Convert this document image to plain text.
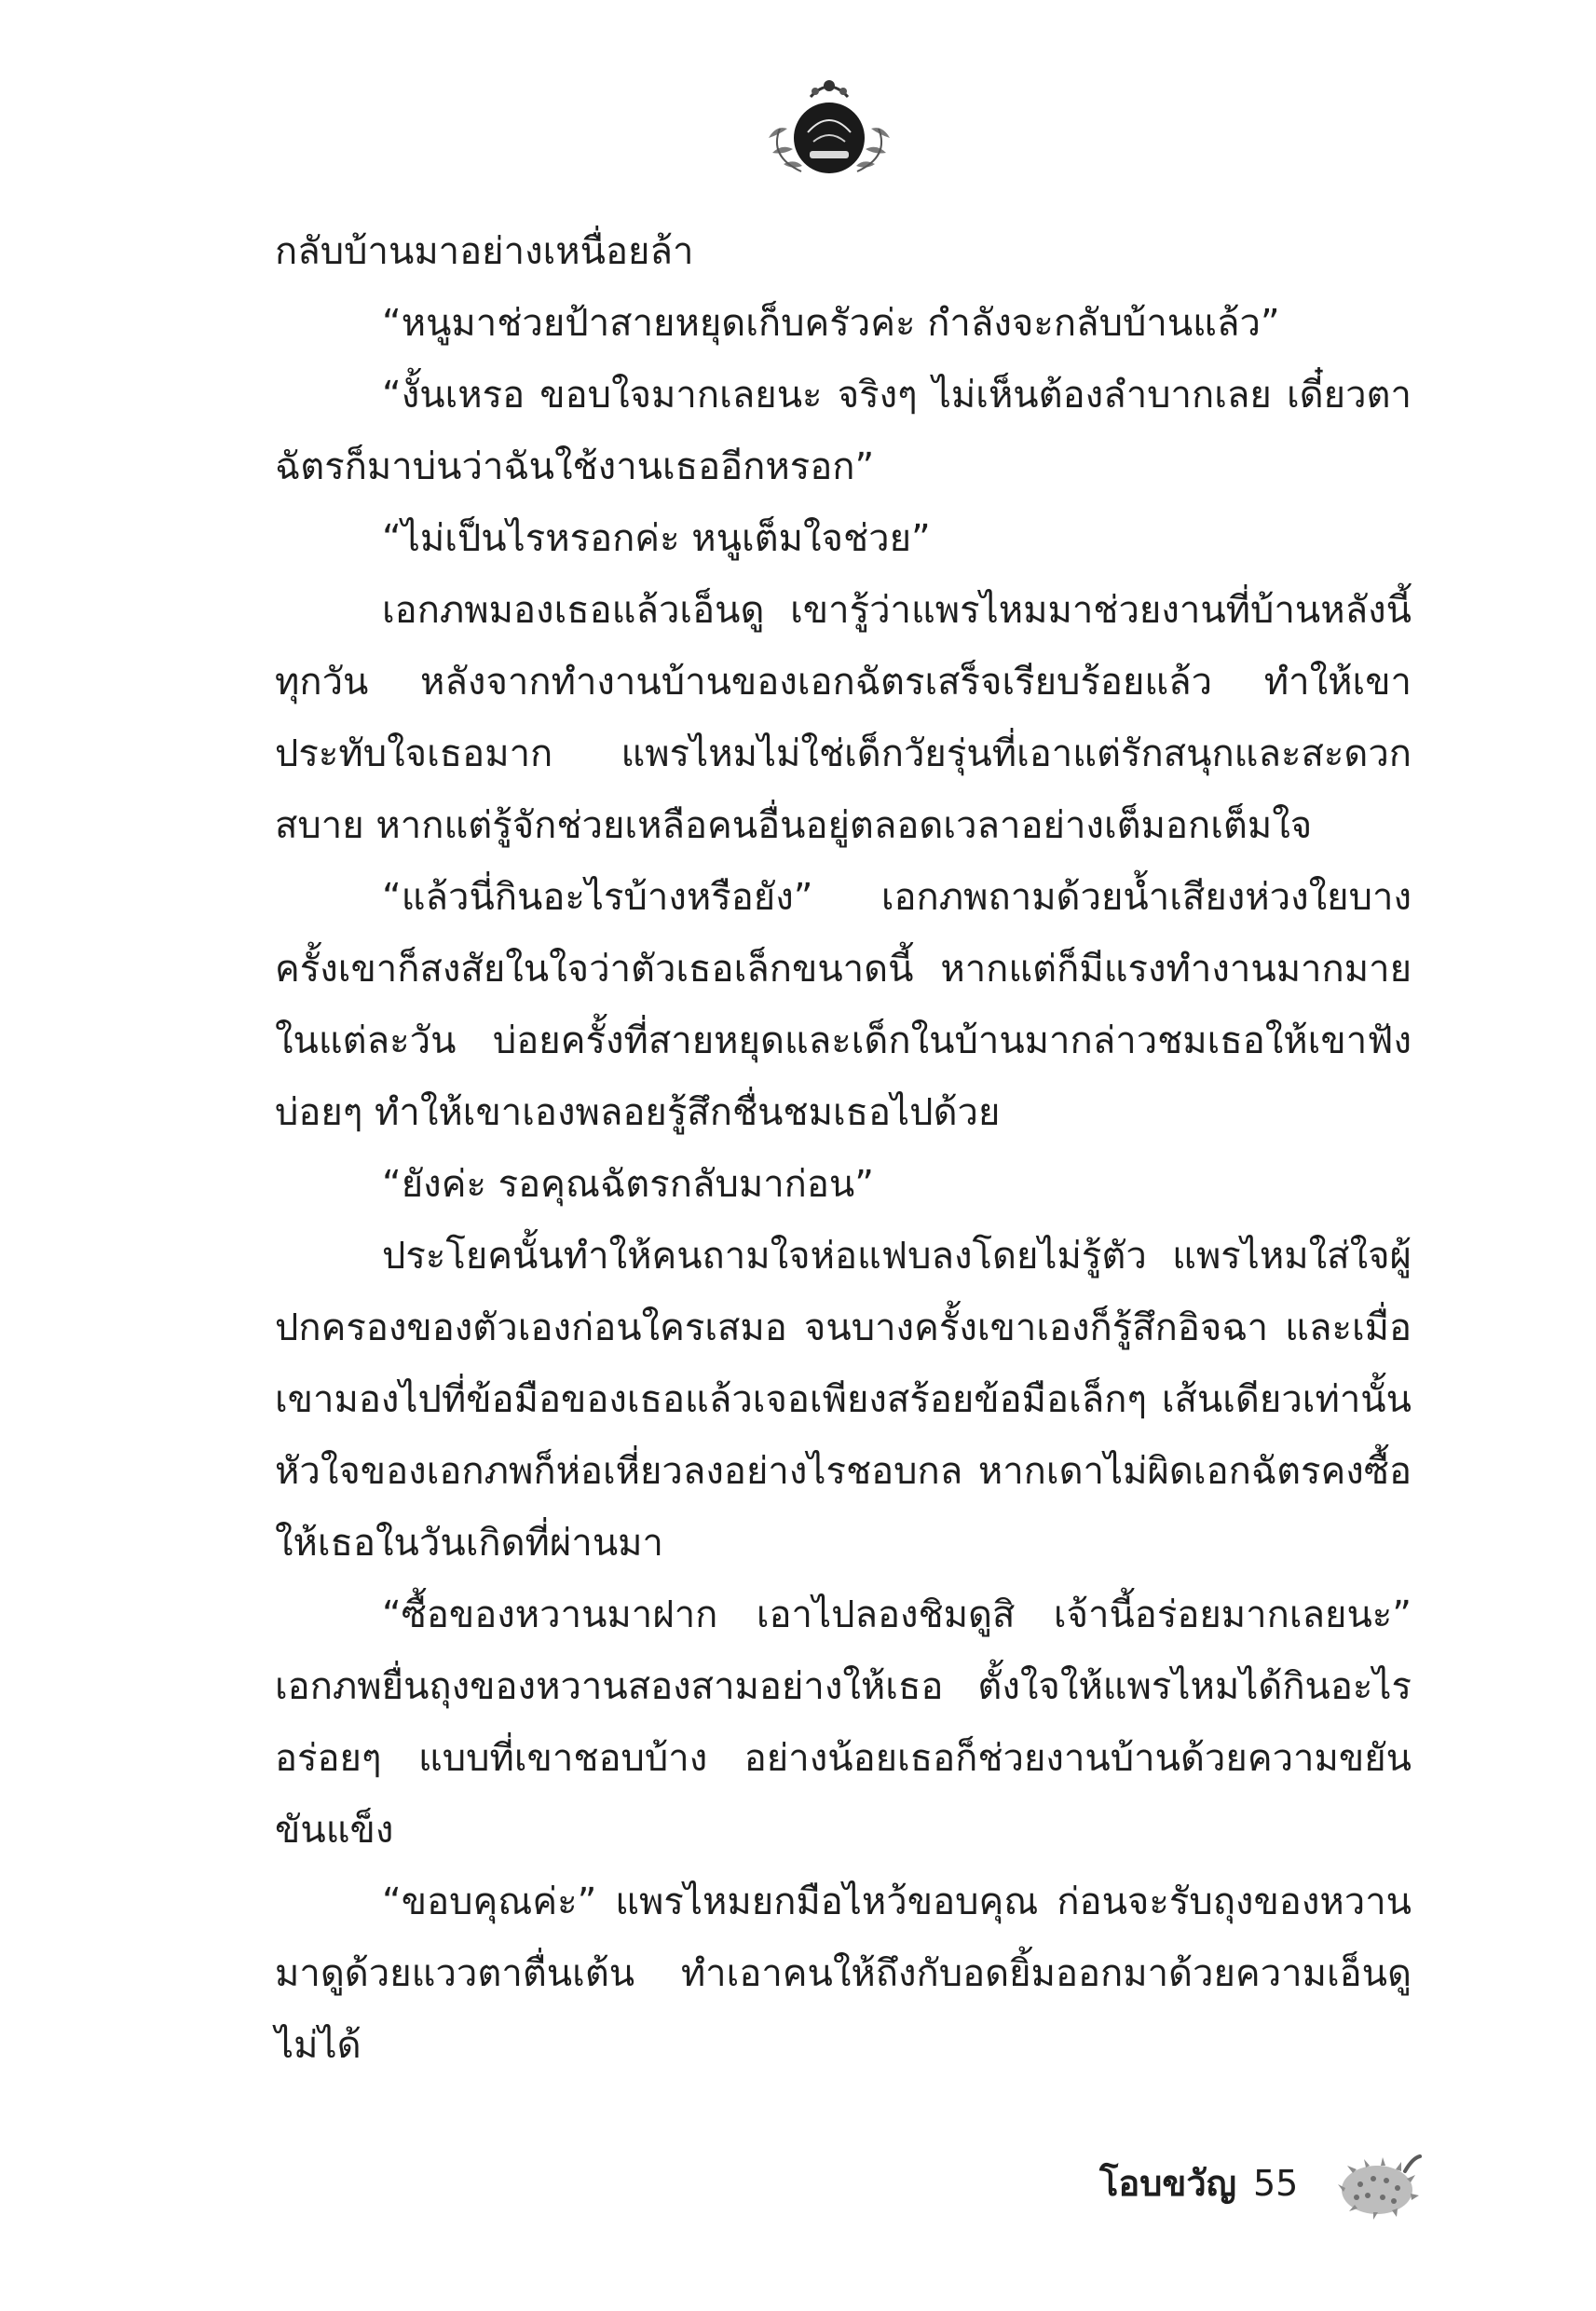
กลับบ้านมาอย่างเหนื่อยล้า

“หนูมาช่วยป้าสายหยุดเก็บครัวค่ะ กำลังจะกลับบ้านแล้ว”

“งั้นเหรอ ขอบใจมากเลยนะ จริงๆ ไม่เห็นต้องลำบากเลย เดี๋ยวตาฉัตรก็มาบ่นว่าฉันใช้งานเธออีกหรอก”

“ไม่เป็นไรหรอกค่ะ หนูเต็มใจช่วย”

เอกภพมองเธอแล้วเอ็นดู เขารู้ว่าแพรไหมมาช่วยงานที่บ้านหลังนี้ทุกวัน หลังจากทำงานบ้านของเอกฉัตรเสร็จเรียบร้อยแล้ว ทำให้เขาประทับใจเธอมาก แพรไหมไม่ใช่เด็กวัยรุ่นที่เอาแต่รักสนุกและสะดวกสบาย หากแต่รู้จักช่วยเหลือคนอื่นอยู่ตลอดเวลาอย่างเต็มอกเต็มใจ

“แล้วนี่กินอะไรบ้างหรือยัง” เอกภพถามด้วยน้ำเสียงห่วงใยบางครั้งเขาก็สงสัยในใจว่าตัวเธอเล็กขนาดนี้ หากแต่ก็มีแรงทำงานมากมายในแต่ละวัน บ่อยครั้งที่สายหยุดและเด็กในบ้านมากล่าวชมเธอให้เขาฟังบ่อยๆ ทำให้เขาเองพลอยรู้สึกชื่นชมเธอไปด้วย

“ยังค่ะ รอคุณฉัตรกลับมาก่อน”

ประโยคนั้นทำให้คนถามใจห่อแฟบลงโดยไม่รู้ตัว แพรไหมใส่ใจผู้ปกครองของตัวเองก่อนใครเสมอ จนบางครั้งเขาเองก็รู้สึกอิจฉา และเมื่อเขามองไปที่ข้อมือของเธอแล้วเจอเพียงสร้อยข้อมือเล็กๆ เส้นเดียวเท่านั้น หัวใจของเอกภพก็ห่อเหี่ยวลงอย่างไรชอบกล หากเดาไม่ผิดเอกฉัตรคงซื้อให้เธอในวันเกิดที่ผ่านมา

“ซื้อของหวานมาฝาก เอาไปลองชิมดูสิ เจ้านี้อร่อยมากเลยนะ” เอกภพยื่นถุงของหวานสองสามอย่างให้เธอ ตั้งใจให้แพรไหมได้กินอะไรอร่อยๆ แบบที่เขาชอบบ้าง อย่างน้อยเธอก็ช่วยงานบ้านด้วยความขยันขันแข็ง

“ขอบคุณค่ะ” แพรไหมยกมือไหว้ขอบคุณ ก่อนจะรับถุงของหวานมาดูด้วยแววตาตื่นเต้น ทำเอาคนให้ถึงกับอดยิ้มออกมาด้วยความเอ็นดูไม่ได้

โอบขวัญ 55
